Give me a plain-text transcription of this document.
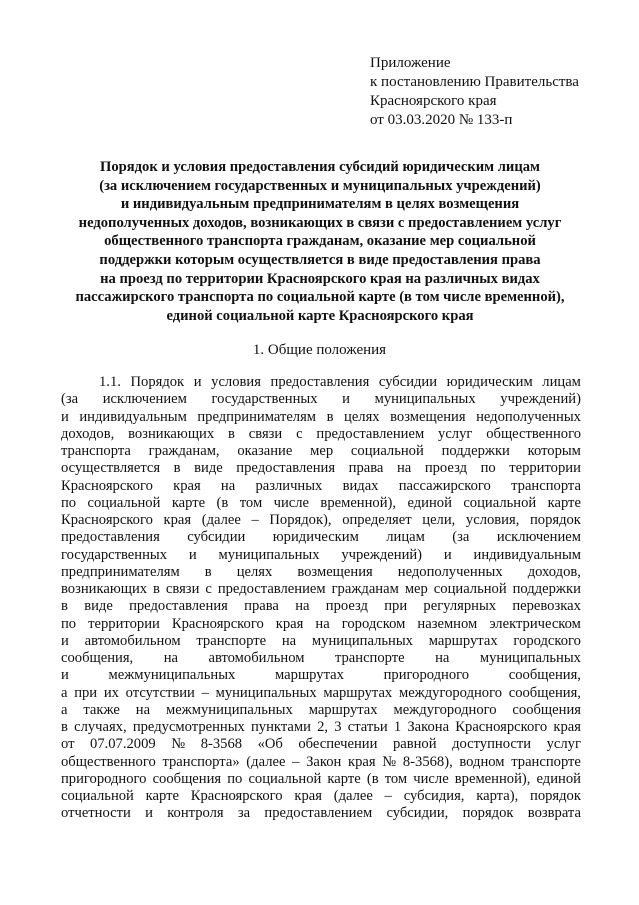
Приложение
к постановлению Правительства
Красноярского края
от 03.03.2020 № 133-п
Порядок и условия предоставления субсидий юридическим лицам
(за исключением государственных и муниципальных учреждений)
и индивидуальным предпринимателям в целях возмещения
недополученных доходов, возникающих в связи с предоставлением услуг
общественного транспорта гражданам, оказание мер социальной
поддержки которым осуществляется в виде предоставления права
на проезд по территории Красноярского края на различных видах
пассажирского транспорта по социальной карте (в том числе временной),
единой социальной карте Красноярского края
1. Общие положения
1.1. Порядок и условия предоставления субсидии юридическим лицам
(за исключением государственных и муниципальных учреждений)
и индивидуальным предпринимателям в целях возмещения недополученных
доходов, возникающих в связи с предоставлением услуг общественного
транспорта гражданам, оказание мер социальной поддержки которым
осуществляется в виде предоставления права на проезд по территории
Красноярского края на различных видах пассажирского транспорта
по социальной карте (в том числе временной), единой социальной карте
Красноярского края (далее – Порядок), определяет цели, условия, порядок
предоставления субсидии юридическим лицам (за исключением
государственных и муниципальных учреждений) и индивидуальным
предпринимателям в целях возмещения недополученных доходов,
возникающих в связи с предоставлением гражданам мер социальной поддержки
в виде предоставления права на проезд при регулярных перевозках
по территории Красноярского края на городском наземном электрическом
и автомобильном транспорте на муниципальных маршрутах городского
сообщения, на автомобильном транспорте на муниципальных
и	межмуниципальных	маршрутах	пригородного	сообщения,
а при их отсутствии – муниципальных маршрутах междугородного сообщения,
а также на межмуниципальных маршрутах междугородного сообщения
в случаях, предусмотренных пунктами 2, 3 статьи 1 Закона Красноярского края
от 07.07.2009 № 8-3568 «Об обеспечении равной доступности услуг
общественного транспорта» (далее – Закон края № 8-3568), водном транспорте
пригородного сообщения по социальной карте (в том числе временной), единой
социальной карте Красноярского края (далее – субсидия, карта), порядок
отчетности и контроля за предоставлением субсидии, порядок возврата
